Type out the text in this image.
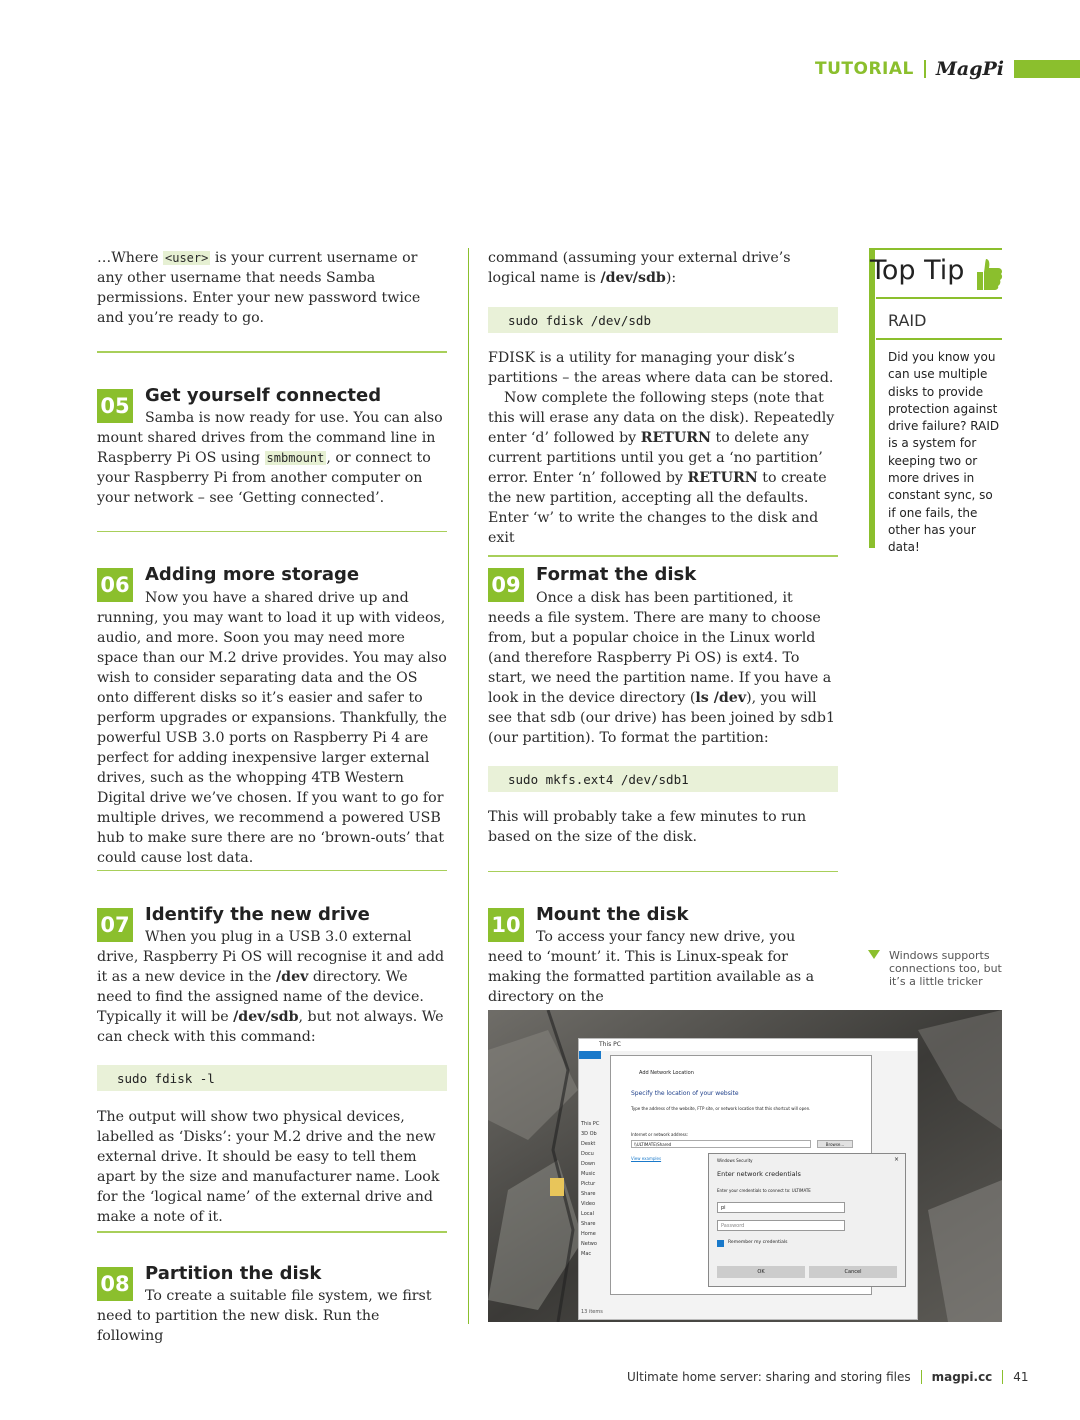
TUTORIAL MagPi

…Where <user> is your current username or any other username that needs Samba permissions. Enter your new password twice and you’re ready to go.

05 Get yourself connected

Samba is now ready for use. You can also mount shared drives from the command line in Raspberry Pi OS using smbmount , or connect to your Raspberry Pi from another computer on your network – see ‘Getting connected’.

06 Adding more storage

Now you have a shared drive up and running, you may want to load it up with videos, audio, and more. Soon you may need more space than our M.2 drive provides. You may also wish to consider separating data and the OS onto different disks so it’s easier and safer to perform upgrades or expansions. Thankfully, the powerful USB 3.0 ports on Raspberry Pi 4 are perfect for adding inexpensive larger external drives, such as the whopping 4TB Western Digital drive we’ve chosen. If you want to go for multiple drives, we recommend a powered USB hub to make sure there are no ‘brown-outs’ that could cause lost data.

07 Identify the new drive

When you plug in a USB 3.0 external drive, Raspberry Pi OS will recognise it and add it as a new device in the /dev directory. We need to find the assigned name of the device. Typically it will be /dev/sdb, but not always. We can check with this command:

sudo fdisk -l

The output will show two physical devices, labelled as ‘Disks’: your M.2 drive and the new external drive. It should be easy to tell them apart by the size and manufacturer name. Look for the ‘logical name’ of the external drive and make a note of it.

08 Partition the disk

To create a suitable file system, we first need to partition the new disk. Run the following

command (assuming your external drive’s logical name is /dev/sdb):

sudo fdisk /dev/sdb

FDISK is a utility for managing your disk’s partitions – the areas where data can be stored.

Now complete the following steps (note that this will erase any data on the disk). Repeatedly enter ‘d’ followed by RETURN to delete any current partitions until you get a ‘no partition’ error. Enter ‘n’ followed by RETURN to create the new partition, accepting all the defaults. Enter ‘w’ to write the changes to the disk and exit

09 Format the disk

Once a disk has been partitioned, it needs a file system. There are many to choose from, but a popular choice in the Linux world (and therefore Raspberry Pi OS) is ext4. To start, we need the partition name. If you have a look in the device directory (ls /dev), you will see that sdb (our drive) has been joined by sdb1 (our partition). To format the partition:

sudo mkfs.ext4 /dev/sdb1

This will probably take a few minutes to run based on the size of the disk.

10 Mount the disk

To access your fancy new drive, you need to ‘mount’ it. This is Linux-speak for making the formatted partition available as a directory on the

Top Tip
RAID
Did you know you can use multiple disks to provide protection against drive failure? RAID is a system for keeping two or more drives in constant sync, so if one fails, the other has your data!
Windows supports connections too, but it’s a little tricker
This PC
This PC
3D Ob
Deskt
Docu
Down
Music
Pictur
Share
Video
Local
Share
Home
Netwo
Mac
13 items
Add Network Location
Specify the location of your website
Type the address of the website, FTP site, or network location that this shortcut will open.
Internet or network address:
\\ULTIMATE\Shared	Browse...
View examples	Windows Security	×
Enter network credentials
Enter your credentials to connect to: ULTIMATE
pi
Password
Remember my credentials
OK	Cancel
Ultimate home server: sharing and storing files magpi.cc 41
